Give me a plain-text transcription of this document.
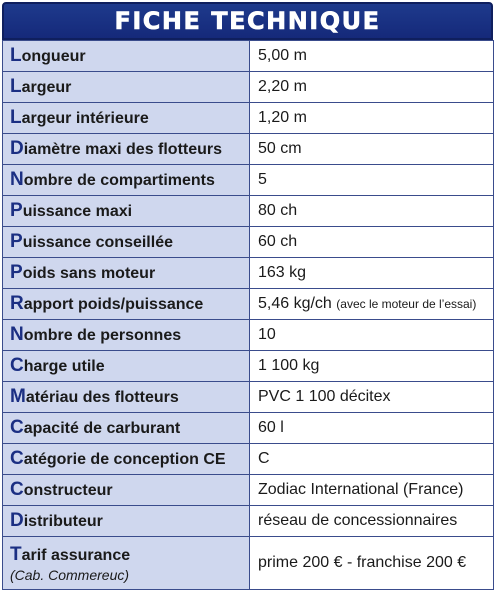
FICHE TECHNIQUE
Longueur	5,00 m
Largeur	2,20 m
Largeur intérieure	1,20 m
Diamètre maxi des flotteurs	50 cm
Nombre de compartiments	5
Puissance maxi	80 ch
Puissance conseillée	60 ch
Poids sans moteur	163 kg
Rapport poids/puissance	5,46 kg/ch (avec le moteur de l’essai)
Nombre de personnes	10
Charge utile	1 100 kg
Matériau des flotteurs	PVC 1 100 décitex
Capacité de carburant	60 l
Catégorie de conception CE	C
Constructeur	Zodiac International (France)
Distributeur	réseau de concessionnaires
Tarif assurance
(Cab. Commereuc)	prime 200 € - franchise 200 €
